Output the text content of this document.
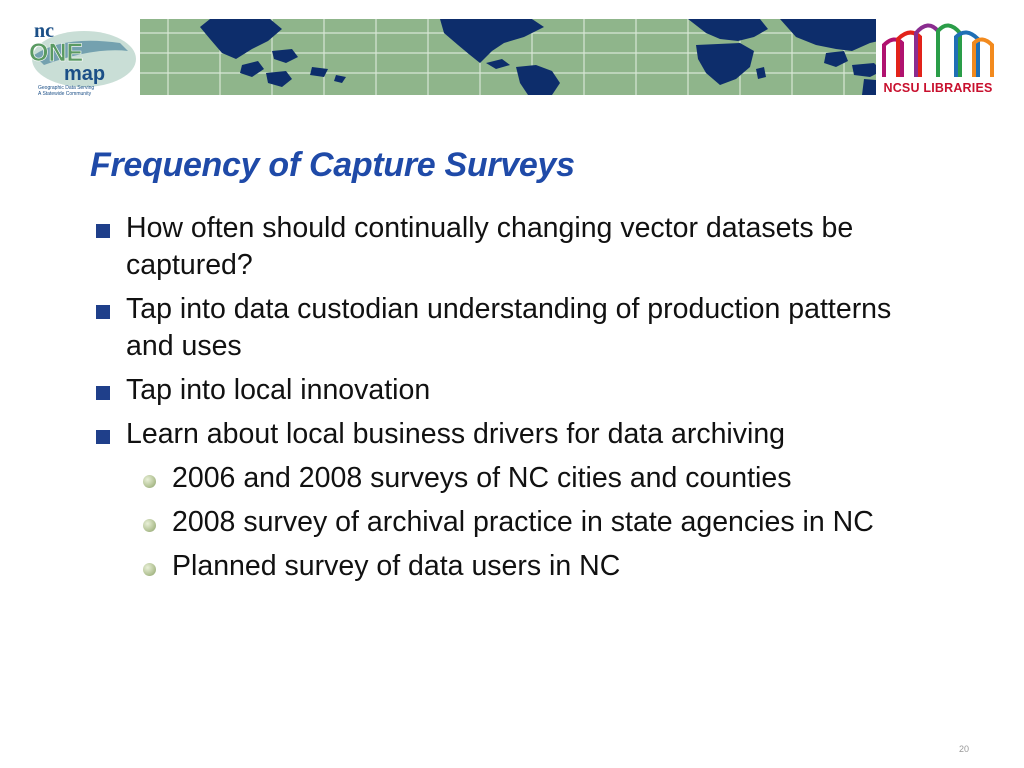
nc
ONE
map
Geographic Data Serving
A Statewide Community	NCSU LIBRARIES
Frequency of Capture Surveys
How often should continually changing vector datasets be captured?
Tap into data custodian understanding of production patterns and uses
Tap into local innovation
Learn about local business drivers for data archiving
2006 and 2008 surveys of NC cities and counties
2008 survey of archival practice in state agencies in NC
Planned survey of data users in NC
20
